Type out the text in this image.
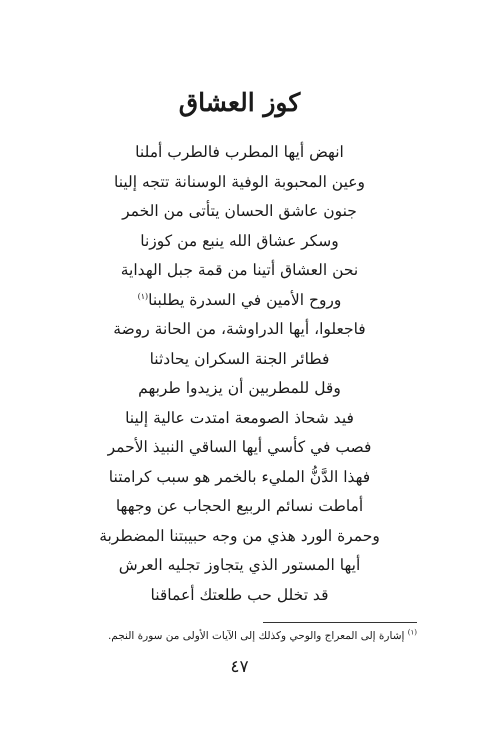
كوز العشاق
انهض أيها المطرب فالطرب أملنا
وعين المحبوبة الوفية الوسنانة تتجه إلينا
جنون عاشق الحسان يتأتى من الخمر
وسكر عشاق الله ينبع من كوزنا
نحن العشاق أتينا من قمة جبل الهداية
وروح الأمين في السدرة يطلبنا$^{(١)}$
فاجعلوا، أيها الدراوشة، من الحانة روضة
فطائر الجنة السكران يحادثنا
وقل للمطربين أن يزيدوا طربهم
فيد شحاذ الصومعة امتدت عالية إلينا
فصب في كأسي أيها الساقي النبيذ الأحمر
فهذا الدَّنُّ المليء بالخمر هو سبب كرامتنا
أماطت نسائم الربيع الحجاب عن وجهها
وحمرة الورد هذي من وجه حبيبتنا المضطربة
أيها المستور الذي يتجاوز تجليه العرش
قد تخلل حب طلعتك أعماقنا
$^{(١)}$ إشارة إلى المعراج والوحي وكذلك إلى الآيات الأولى من سورة النجم.
٤٧
